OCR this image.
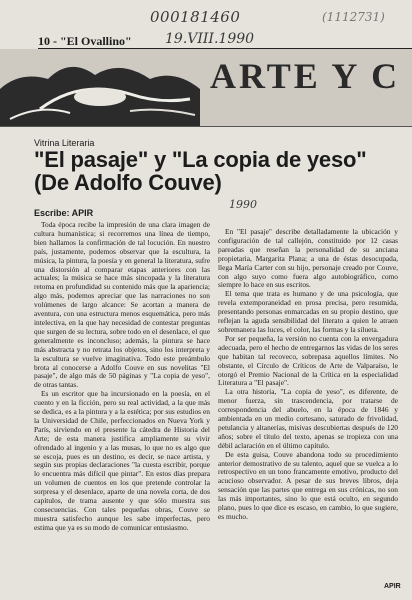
000181460	(1112731)
10 - "El Ovallino" 19.VIII.1990
ARTE Y C
Vitrina Literaria
"El pasaje" y "La copia de yeso"
(De Adolfo Couve)
1990
Escribe: APIR

Toda época recibe la impresión de una clara imagen de cultura humanística; si recorremos una línea de tiempo, bien hallamos la confirmación de tal locución. En nuestro país, justamente, podemos observar que la escultura, la música, la pintura, la poesía y en general la literatura, sufre una distorsión al comparar etapas anteriores con las actuales; la música se hace más sincopada y la literatura retoma en profundidad su contenido más que la apariencia; algo más, podemos apreciar que las narraciones no son volúmenes de largo alcance: Se acortan a manera de aventura, con una estructura menos esquemática, pero más intelectiva, en la que hay necesidad de contestar preguntas que surgen de su lectura, sobre todo en el desenlace, el que generalmente es inconcluso; además, la pintura se hace más abstracta y no retrata los objetos, sino los interpreta y la escultura se vuelve imaginativa. Todo este preámbulo brota al conocerse a Adolfo Couve en sus novelitas "El pasaje", de algo más de 50 páginas y "La copia de yeso", de otras tantas.

Es un escritor que ha incursionado en la poesía, en el cuento y en la ficción, pero su real actividad, a la que más se dedica, es a la pintura y a la estética; por sus estudios en la Universidad de Chile, perfeccionados en Nueva York y París, sirviendo en el presente la cátedra de Historia del Arte; de esta manera justifica ampliamente su vivir ofrendado al ingenio y a las musas, lo que no es algo que se escoja, pues es un destino, es decir, se nace artista, y según sus propias declaraciones "la cuesta escribir, porque lo encuentra más difícil que pintar". En estos días prepara un volumen de cuentos en los que pretende controlar la sorpresa y el desenlace, aparte de una novela corta, de dos capítulos, de trama ausente y que sólo muestra sus consecuencias. Con tales pequeñas obras, Couve se muestra satisfecho aunque les sabe imperfectas, pero estima que ya es su modo de comunicar entusiasmo.

En "El pasaje" describe detalladamente la ubicación y configuración de tal callejón, constituido por 12 casas pareadas que reseñan la personalidad de su anciana propietaria, Margarita Plana; a una de éstas desocupada, llega María Carter con su hijo, personaje creado por Couve, con algo suyo como fuera algo autobiográfico, como siempre lo hace en sus escritos.

El tema que trata es humano y de una psicología, que revela extemporaneidad en prosa precisa, pero resumida, presentando personas enmarcadas en su propio destino, que reflejan la aguda sensibilidad del literato a quien le atraen sobremanera las luces, el color, las formas y la silueta.

Por ser pequeña, la versión no cuenta con la envergadura adecuada, pero el hecho de entregarnos las vidas de los seres que habitan tal recoveco, sobrepasa aquellos límites. No obstante, el Círculo de Críticos de Arte de Valparaíso, le otorgó el Premio Nacional de la Crítica en la especialidad Literatura a "El pasaje".

La otra historia, "La copia de yeso", es diferente, de menor fuerza, sin trascendencia, por tratarse de correspondencia del abuelo, en la época de 1846 y ambientada en un medio cortesano, saturado de frivolidad, petulancia y altanerías, misivas descubiertas después de 120 años; sobre el título del texto, apenas se tropieza con una débil aclaración en el último capítulo.

De esta guisa, Couve abandona todo su procedimiento anterior demostrativo de su talento, aquel que se vuelca a lo retrospectivo en un tono francamente emotivo, producto del acucioso observador. A pesar de sus breves libros, deja sensación que las partes que entrega en sus crónicas, no son las más importantes, sino lo que está oculto, en segundo plano, pues lo que dice es escaso, en cambio, lo que sugiere, es mucho.

APIR
